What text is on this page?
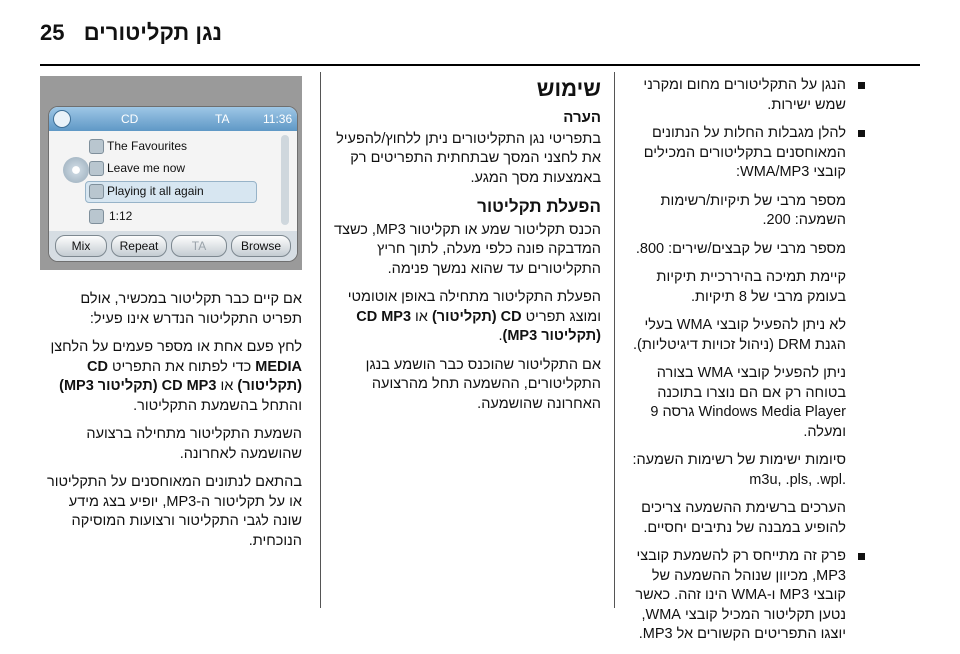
25 נגן תקליטורים
הנגן על התקליטורים מחום ומקרני שמש ישירות.
להלן מגבלות החלות על הנתונים המאוחסנים בתקליטורים המכילים קובצי WMA/MP3:
מספר מרבי של תיקיות/רשימות השמעה: 200.
מספר מרבי של קבצים/שירים: 800.
קיימת תמיכה בהיררכיית תיקיות בעומק מרבי של 8 תיקיות.
לא ניתן להפעיל קובצי WMA בעלי הגנת DRM (ניהול זכויות דיגיטליות).
ניתן להפעיל קובצי WMA בצורה בטוחה רק אם הם נוצרו בתוכנה Windows Media Player גרסה 9 ומעלה.
סיומות ישימות של רשימות השמעה: .m3u, .pls, .wpl
הערכים ברשימת ההשמעה צריכים להופיע במבנה של נתיבים יחסיים.
פרק זה מתייחס רק להשמעת קובצי MP3, מכיוון שנוהל ההשמעה של קובצי MP3 ו-WMA הינו זהה. כאשר נטען תקליטור המכיל קובצי WMA, יוצגו התפריטים הקשורים אל MP3.
שימוש
הערה
בתפריטי נגן התקליטורים ניתן ללחוץ/להפעיל את לחצני המסך שבתחתית התפריטים רק באמצעות מסך המגע.
הפעלת תקליטור
הכנס תקליטור שמע או תקליטור MP3, כשצד המדבקה פונה כלפי מעלה, לתוך חריץ התקליטורים עד שהוא נמשך פנימה.
הפעלת התקליטור מתחילה באופן אוטומטי ומוצג תפריט CD (תקליטור) או CD MP3 (תקליטור MP3).
אם התקליטור שהוכנס כבר הושמע בנגן התקליטורים, ההשמעה תחל מהרצועה האחרונה שהושמעה.
CD	TA	11:36
The Favourites
Leave me now
Playing it all again
1:12
Mix	Repeat	TA	Browse
אם קיים כבר תקליטור במכשיר, אולם תפריט התקליטור הנדרש אינו פעיל:
לחץ פעם אחת או מספר פעמים על הלחצן MEDIA כדי לפתוח את התפריט CD (תקליטור) או CD MP3 (תקליטור MP3) והתחל בהשמעת התקליטור.
השמעת התקליטור מתחילה ברצועה שהושמעה לאחרונה.
בהתאם לנתונים המאוחסנים על התקליטור או על תקליטור ה-MP3, יופיע בצג מידע שונה לגבי התקליטור ורצועות המוסיקה הנוכחית.
